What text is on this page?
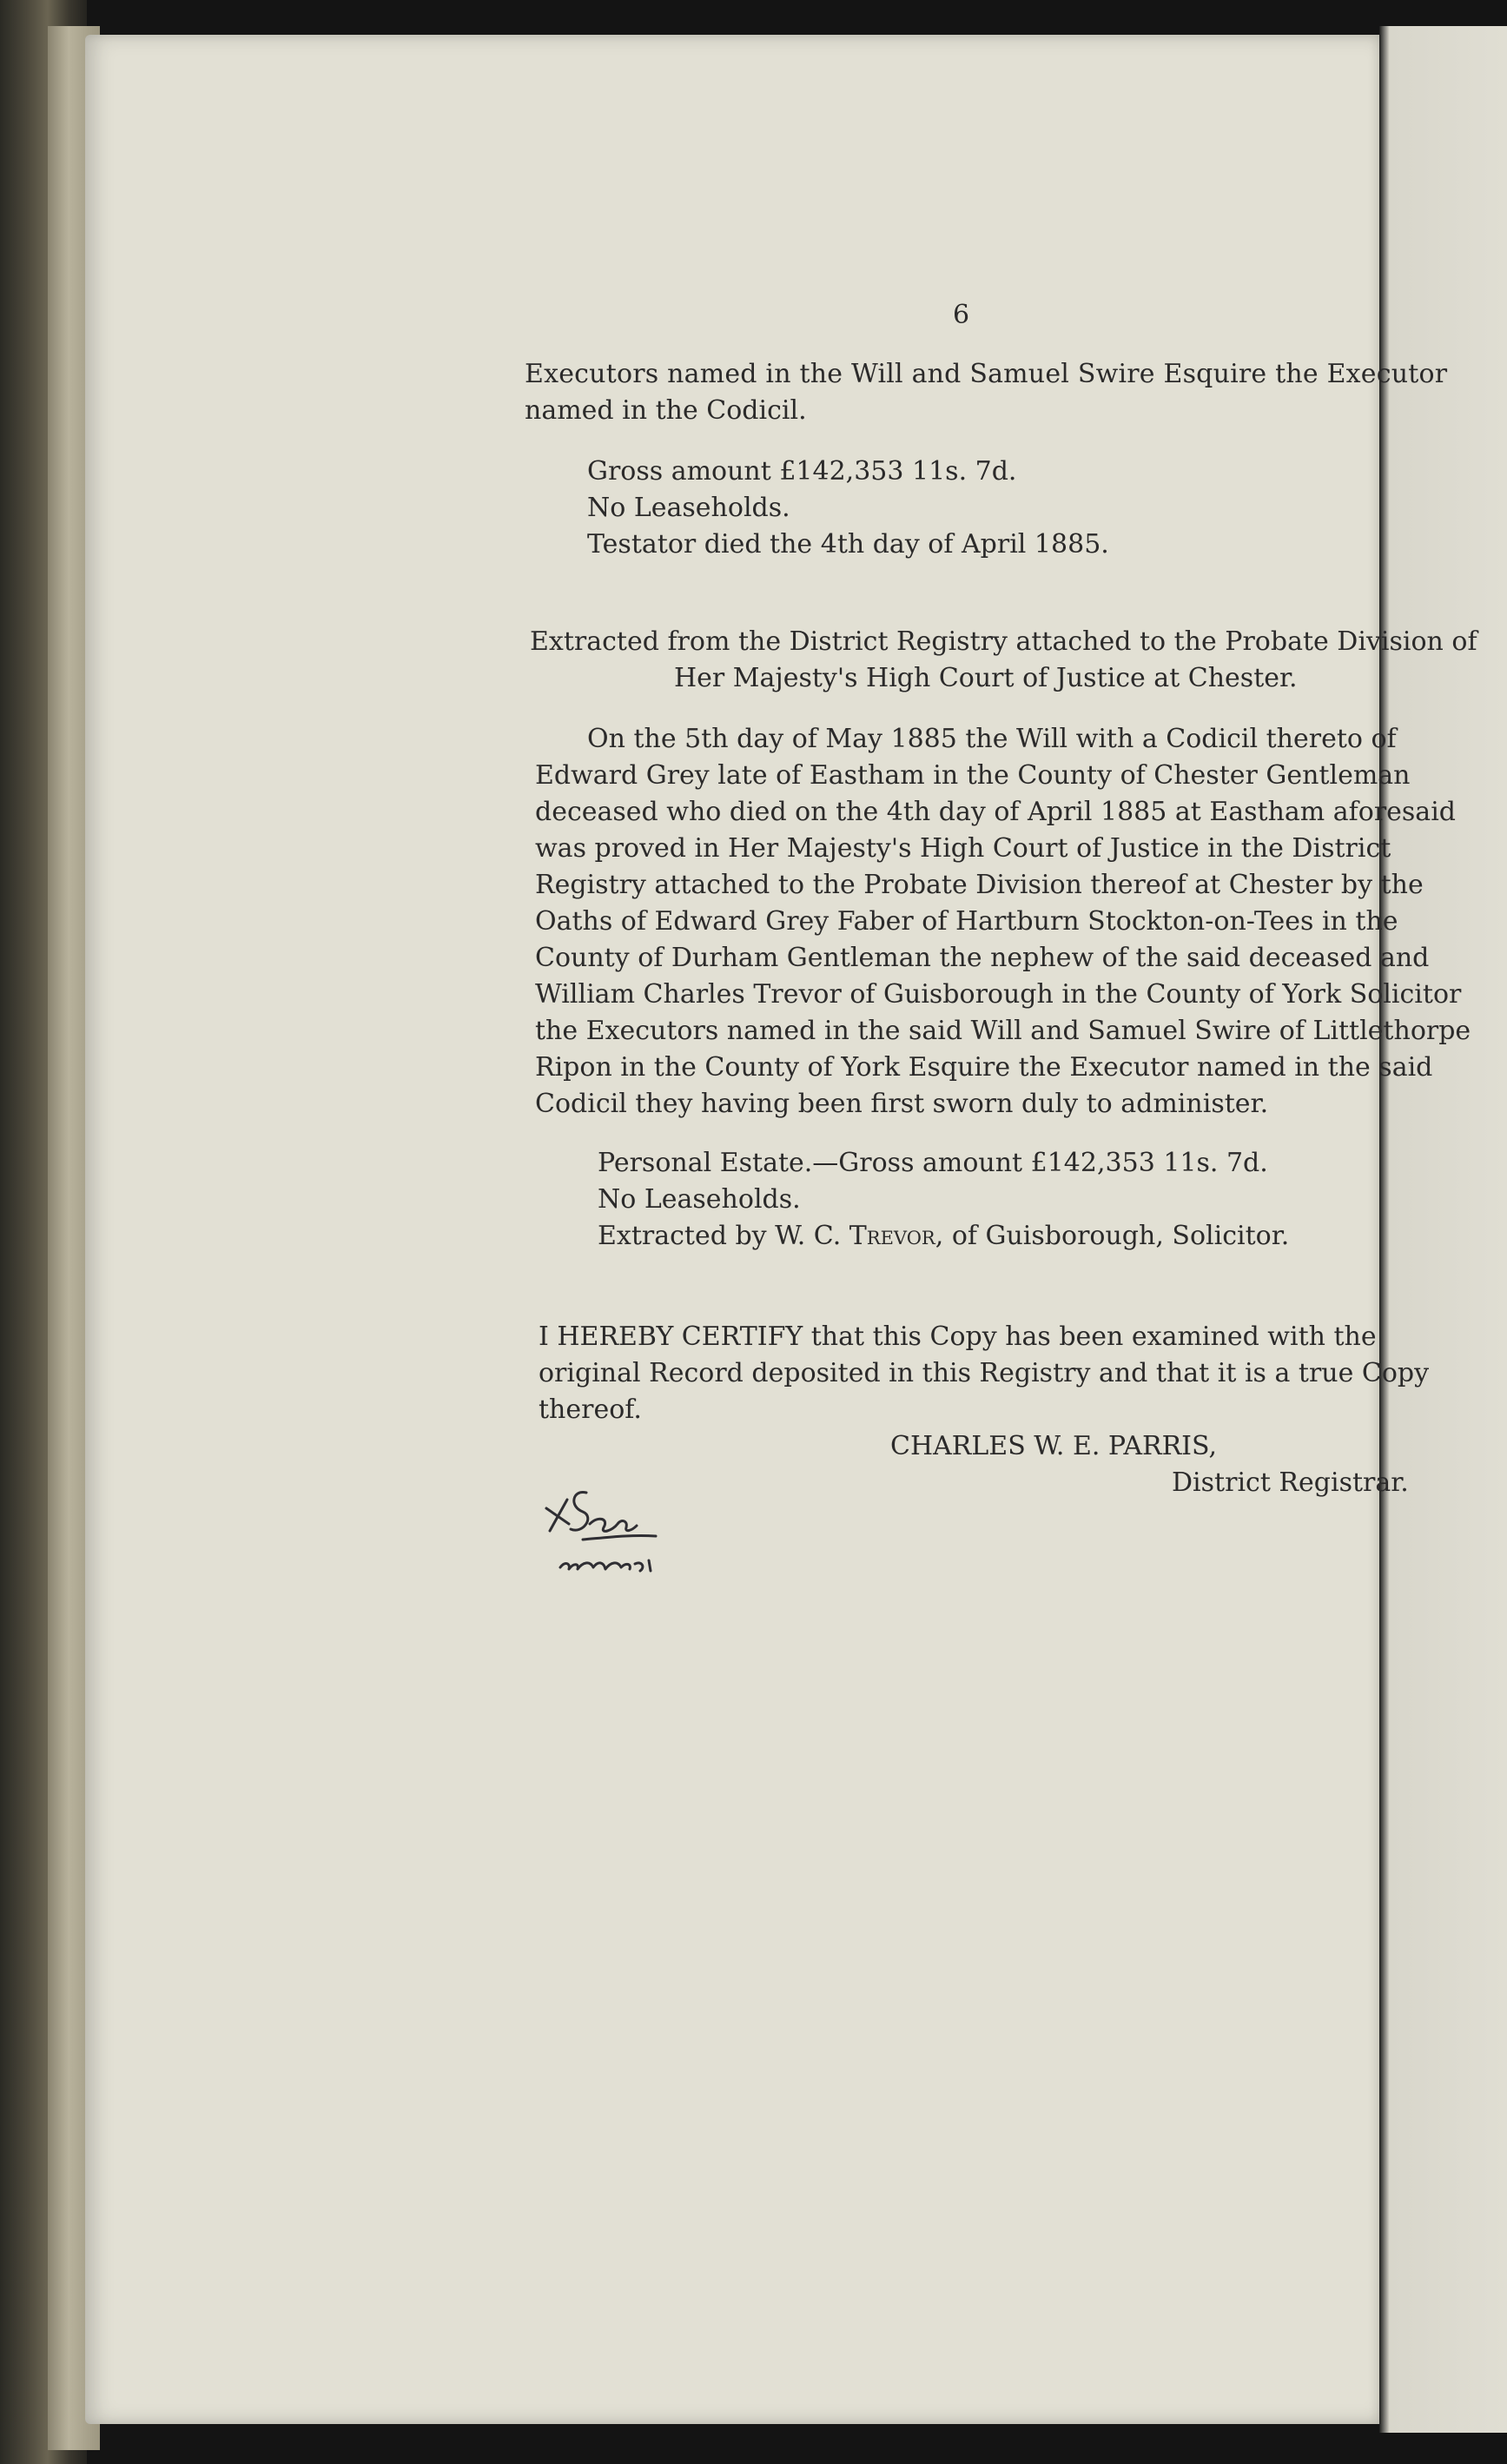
6
Executors named in the Will and Samuel Swire Esquire the Executor
named in the Codicil.
Gross amount £142,353 11s. 7d.
No Leaseholds.
Testator died the 4th day of April 1885.
Extracted from the District Registry attached to the Probate Division of
Her Majesty's High Court of Justice at Chester.
On the 5th day of May 1885 the Will with a Codicil thereto of
Edward Grey late of Eastham in the County of Chester Gentleman
deceased who died on the 4th day of April 1885 at Eastham aforesaid
was proved in Her Majesty's High Court of Justice in the District
Registry attached to the Probate Division thereof at Chester by the
Oaths of Edward Grey Faber of Hartburn Stockton-on-Tees in the
County of Durham Gentleman the nephew of the said deceased and
William Charles Trevor of Guisborough in the County of York Solicitor
the Executors named in the said Will and Samuel Swire of Littlethorpe
Ripon in the County of York Esquire the Executor named in the said
Codicil they having been first sworn duly to administer.
Personal Estate.—Gross amount £142,353 11s. 7d.
No Leaseholds.
Extracted by W. C. Trevor, of Guisborough, Solicitor.
I HEREBY CERTIFY that this Copy has been examined with the
original Record deposited in this Registry and that it is a true Copy
thereof.
CHARLES W. E. PARRIS,
District Registrar.
